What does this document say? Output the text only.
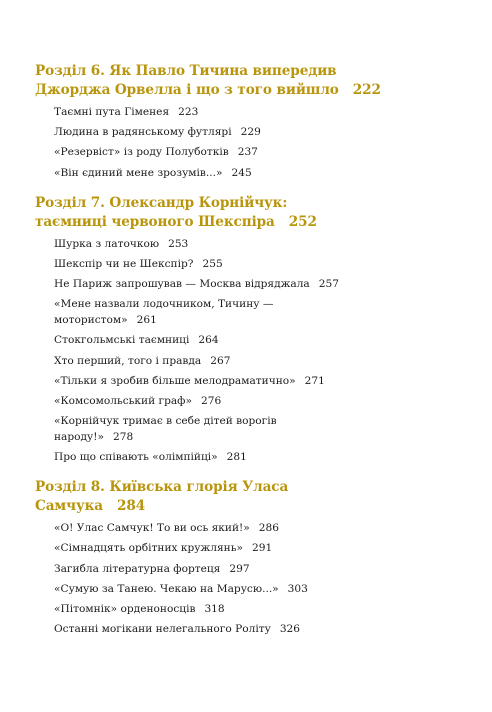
Розділ 6. Як Павло Тичина випередив
Джорджа Орвелла і що з того вийшло 222
Таємні пута Гіменея 223
Людина в радянському футлярі 229
«Резервіст» із роду Полуботків 237
«Він єдиний мене зрозумів...» 245
Розділ 7. Олександр Корнійчук:
таємниці червоного Шекспіра 252
Шурка з латочкою 253
Шекспір чи не Шекспір? 255
Не Париж запрошував — Москва відряджала 257
«Мене назвали лодочником, Тичину — мотористом» 261
Стокгольмські таємниці 264
Хто перший, того і правда 267
«Тільки я зробив більше мелодраматично» 271
«Комсомольський граф» 276
«Корнійчук тримає в себе дітей ворогів народу!» 278
Про що співають «олімпійці» 281
Розділ 8. Київська глорія Уласа
Самчука 284
«О! Улас Самчук! То ви ось який!» 286
«Сімнадцять орбітних кружлянь» 291
Загибла літературна фортеця 297
«Сумую за Танею. Чекаю на Марусю...» 303
«Пітомнік» орденоносців 318
Останні могікани нелегального Роліту 326
